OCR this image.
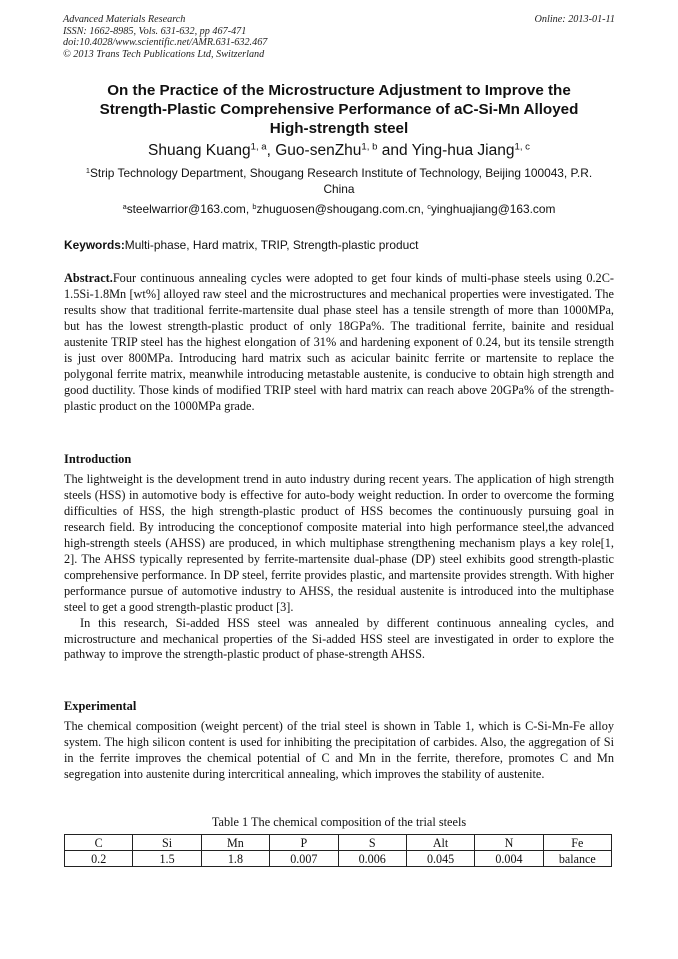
Advanced Materials Research
ISSN: 1662-8985, Vols. 631-632, pp 467-471
doi:10.4028/www.scientific.net/AMR.631-632.467
© 2013 Trans Tech Publications Ltd, Switzerland
Online: 2013-01-11
On the Practice of the Microstructure Adjustment to Improve the
Strength-Plastic Comprehensive Performance of aC-Si-Mn Alloyed
High-strength steel
Shuang Kuang$^{1, a}$, Guo-senZhu$^{1, b}$ and Ying-hua Jiang$^{1, c}$
$^1$Strip Technology Department, Shougang Research Institute of Technology, Beijing 100043, P.R.
China
$^a$steelwarrior@163.com, $^b$zhuguosen@shougang.com.cn, $^c$yinghuajiang@163.com
Keywords:Multi-phase, Hard matrix, TRIP, Strength-plastic product
Abstract.Four continuous annealing cycles were adopted to get four kinds of multi-phase steels using 0.2C-1.5Si-1.8Mn [wt%] alloyed raw steel and the microstructures and mechanical properties were investigated. The results show that traditional ferrite-martensite dual phase steel has a tensile strength of more than 1000MPa, but has the lowest strength-plastic product of only 18GPa%. The traditional ferrite, bainite and residual austenite TRIP steel has the highest elongation of 31% and hardening exponent of 0.24, but its tensile strength is just over 800MPa. Introducing hard matrix such as acicular bainitc ferrite or martensite to replace the polygonal ferrite matrix, meanwhile introducing metastable austenite, is conducive to obtain high strength and good ductility. Those kinds of modified TRIP steel with hard matrix can reach above 20GPa% of the strength-plastic product on the 1000MPa grade.
Introduction
The lightweight is the development trend in auto industry during recent years. The application of high strength steels (HSS) in automotive body is effective for auto-body weight reduction. In order to overcome the forming difficulties of HSS, the high strength-plastic product of HSS becomes the continuously pursuing goal in research field. By introducing the conceptionof composite material into high performance steel,the advanced high-strength steels (AHSS) are produced, in which multiphase strengthening mechanism plays a key role[1, 2]. The AHSS typically represented by ferrite-martensite dual-phase (DP) steel exhibits good strength-plastic comprehensive performance. In DP steel, ferrite provides plastic, and martensite provides strength. With higher performance pursue of automotive industry to AHSS, the residual austenite is introduced into the multiphase steel to get a good strength-plastic product [3].
In this research, Si-added HSS steel was annealed by different continuous annealing cycles, and microstructure and mechanical properties of the Si-added HSS steel are investigated in order to explore the pathway to improve the strength-plastic product of phase-strength AHSS.
Experimental
The chemical composition (weight percent) of the trial steel is shown in Table 1, which is C-Si-Mn-Fe alloy system. The high silicon content is used for inhibiting the precipitation of carbides. Also, the aggregation of Si in the ferrite improves the chemical potential of C and Mn in the ferrite, therefore, promotes C and Mn segregation into austenite during intercritical annealing, which improves the stability of austenite.
Table 1 The chemical composition of the trial steels
C	Si	Mn	P	S	Alt	N	Fe
0.2	1.5	1.8	0.007	0.006	0.045	0.004	balance
